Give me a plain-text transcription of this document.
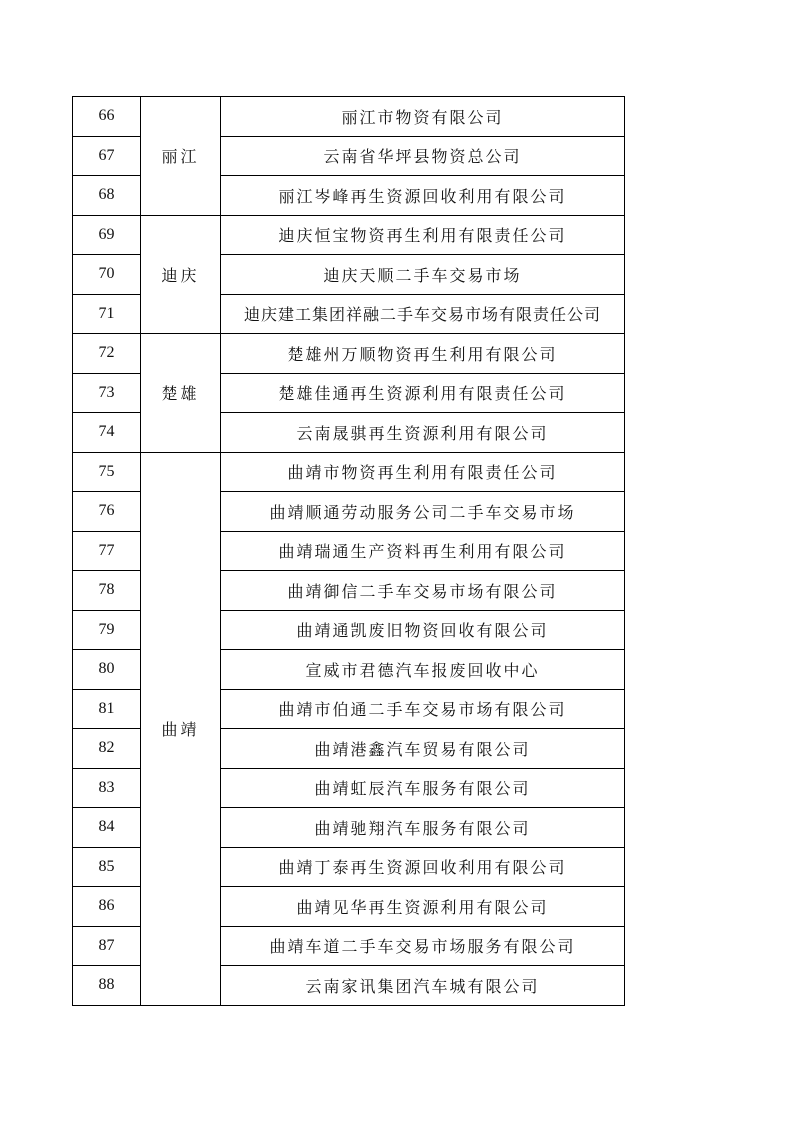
66	丽江	丽江市物资有限公司
67		云南省华坪县物资总公司
68		丽江岑峰再生资源回收利用有限公司
69	迪庆	迪庆恒宝物资再生利用有限责任公司
70		迪庆天顺二手车交易市场
71		迪庆建工集团祥融二手车交易市场有限责任公司
72	楚雄	楚雄州万顺物资再生利用有限公司
73		楚雄佳通再生资源利用有限责任公司
74		云南晟骐再生资源利用有限公司
75	曲靖	曲靖市物资再生利用有限责任公司
76		曲靖顺通劳动服务公司二手车交易市场
77		曲靖瑞通生产资料再生利用有限公司
78		曲靖御信二手车交易市场有限公司
79		曲靖通凯废旧物资回收有限公司
80		宣威市君德汽车报废回收中心
81		曲靖市伯通二手车交易市场有限公司
82		曲靖港鑫汽车贸易有限公司
83		曲靖虹辰汽车服务有限公司
84		曲靖驰翔汽车服务有限公司
85		曲靖丁泰再生资源回收利用有限公司
86		曲靖见华再生资源利用有限公司
87		曲靖车道二手车交易市场服务有限公司
88		云南家讯集团汽车城有限公司
